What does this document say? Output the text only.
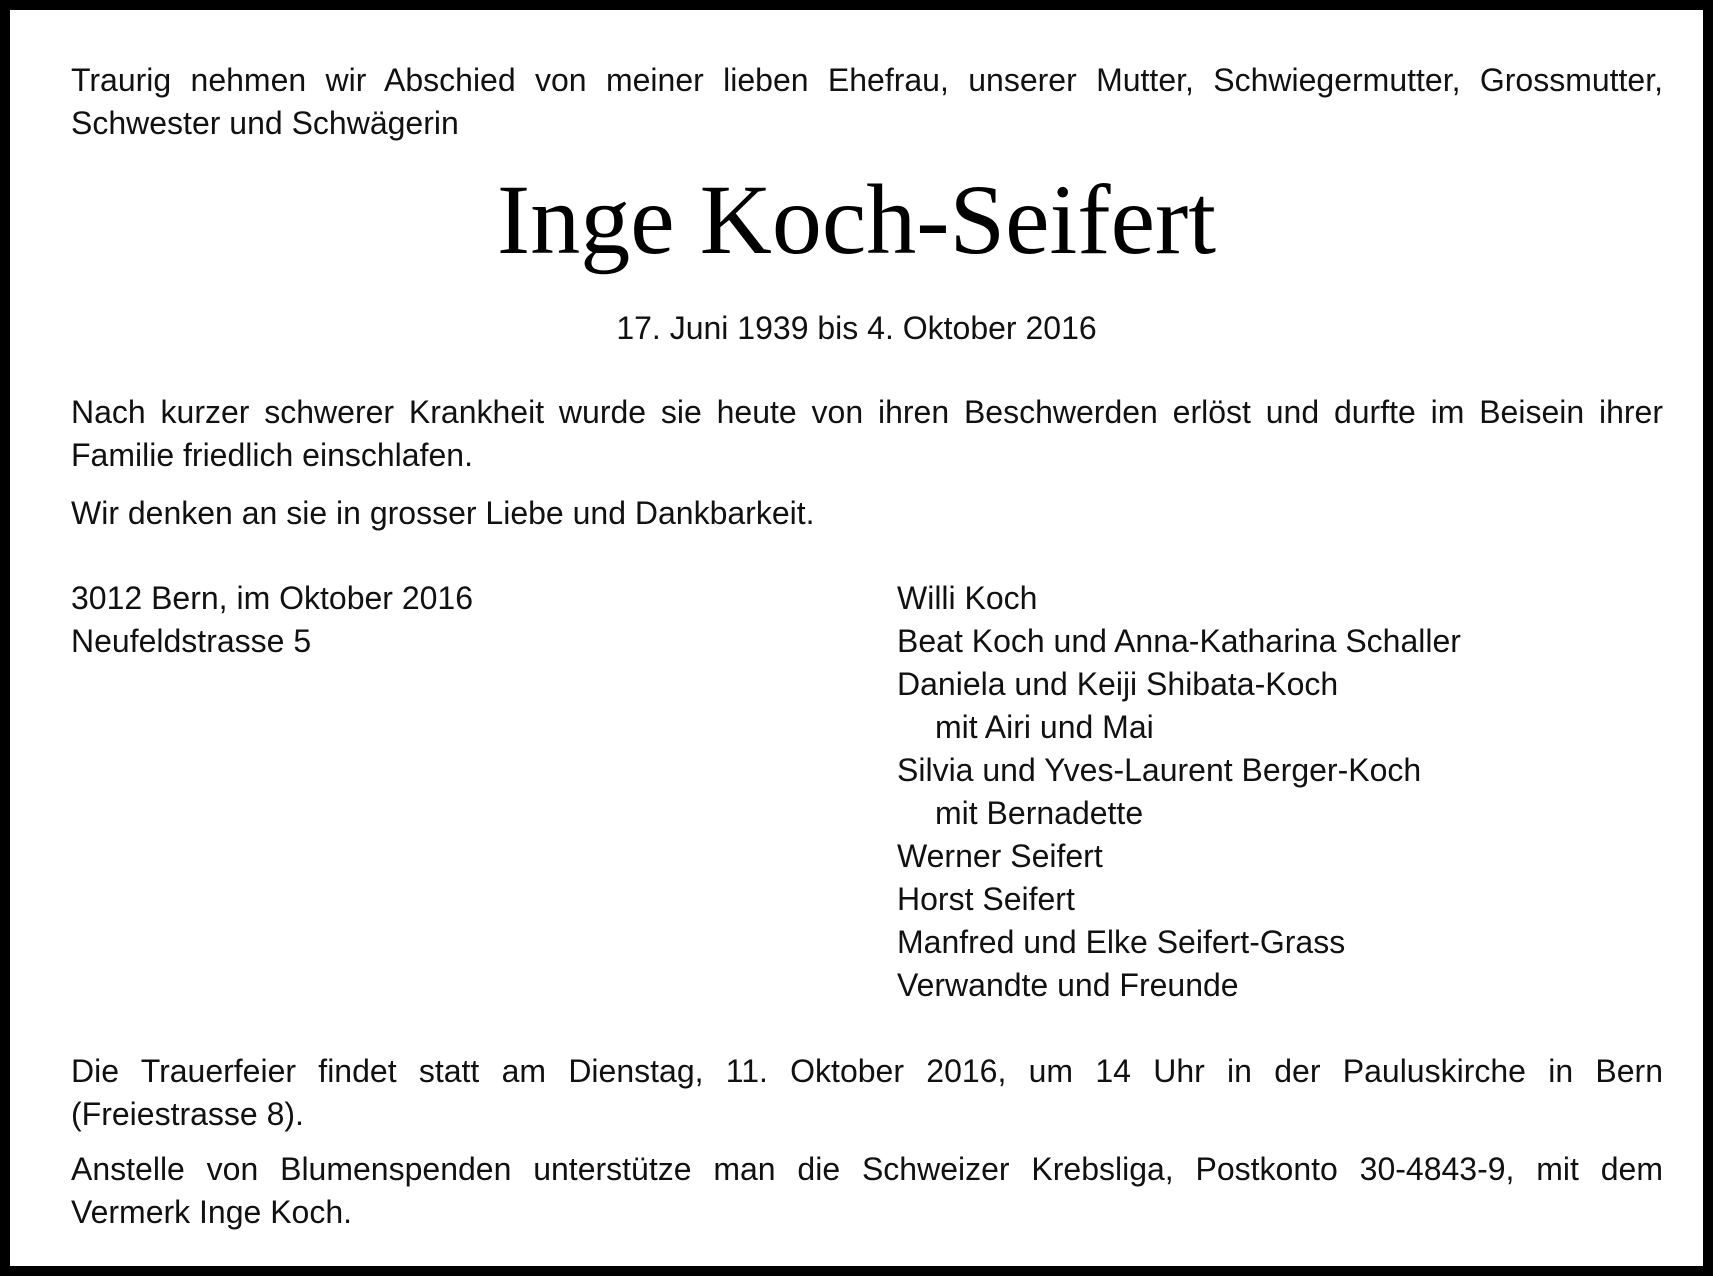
Traurig nehmen wir Abschied von meiner lieben Ehefrau, unserer Mutter, Schwiegermutter, Grossmutter,
Schwester und Schwägerin

Inge Koch-Seifert
17. Juni 1939 bis 4. Oktober 2016

Nach kurzer schwerer Krankheit wurde sie heute von ihren Beschwerden erlöst und durfte im Beisein ihrer
Familie friedlich einschlafen.

Wir denken an sie in grosser Liebe und Dankbarkeit.

3012 Bern, im Oktober 2016
Neufeldstrasse 5
Willi Koch
Beat Koch und Anna-Katharina Schaller
Daniela und Keiji Shibata-Koch
mit Airi und Mai
Silvia und Yves-Laurent Berger-Koch
mit Bernadette
Werner Seifert
Horst Seifert
Manfred und Elke Seifert-Grass
Verwandte und Freunde

Die Trauerfeier findet statt am Dienstag, 11. Oktober 2016, um 14 Uhr in der Pauluskirche in Bern
(Freiestrasse 8).

Anstelle von Blumenspenden unterstütze man die Schweizer Krebsliga, Postkonto 30-4843-9, mit dem
Vermerk Inge Koch.
